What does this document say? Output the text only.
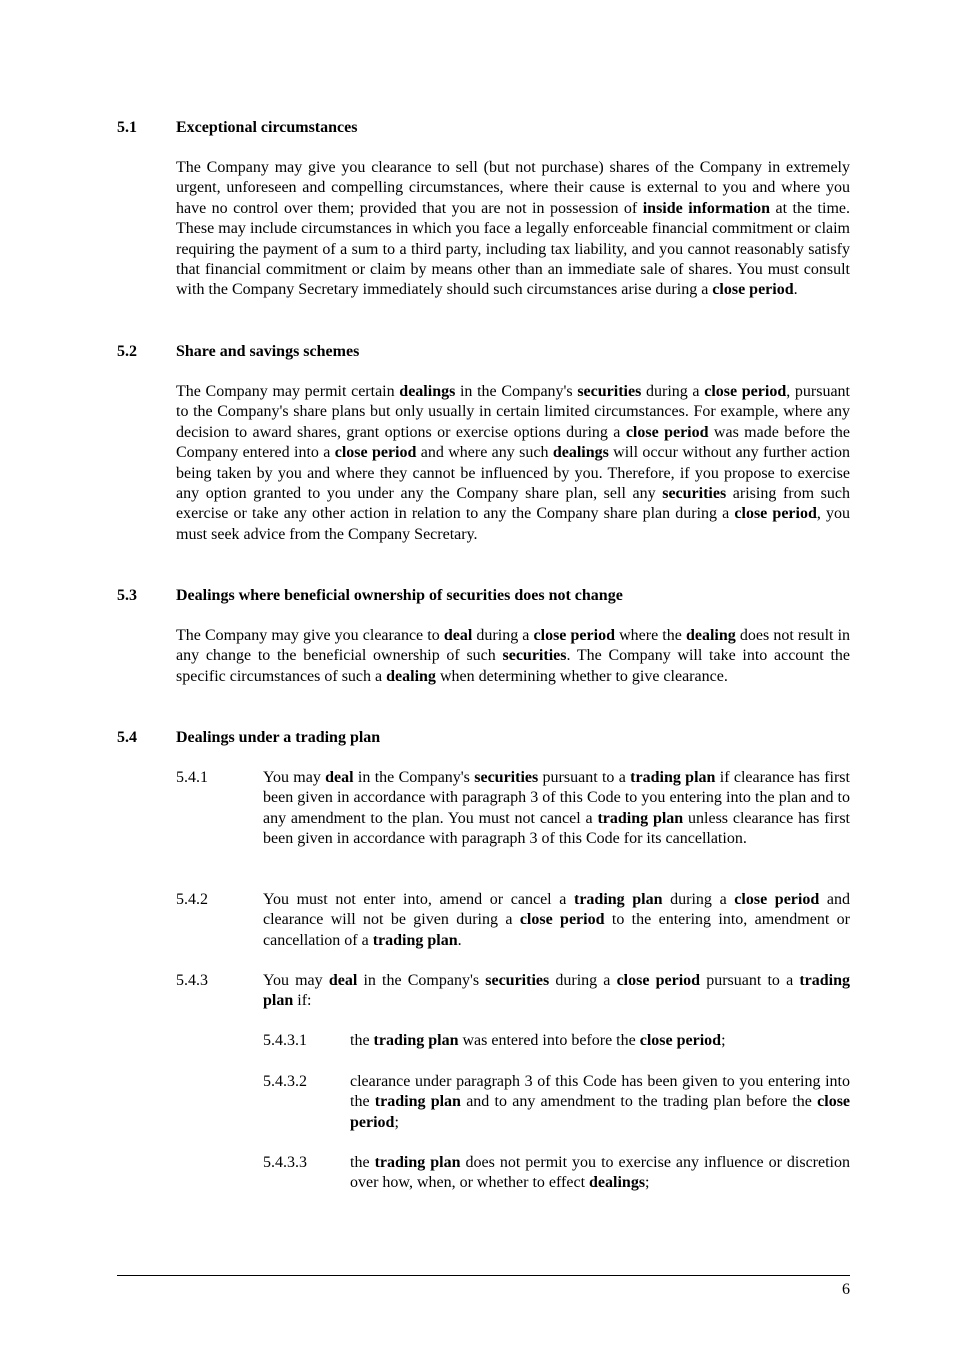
5.1 Exceptional circumstances

The Company may give you clearance to sell (but not purchase) shares of the Company in extremely urgent, unforeseen and compelling circumstances, where their cause is external to you and where you have no control over them; provided that you are not in possession of inside information at the time. These may include circumstances in which you face a legally enforceable financial commitment or claim requiring the payment of a sum to a third party, including tax liability, and you cannot reasonably satisfy that financial commitment or claim by means other than an immediate sale of shares. You must consult with the Company Secretary immediately should such circumstances arise during a close period.

5.2 Share and savings schemes

The Company may permit certain dealings in the Company's securities during a close period, pursuant to the Company's share plans but only usually in certain limited circumstances. For example, where any decision to award shares, grant options or exercise options during a close period was made before the Company entered into a close period and where any such dealings will occur without any further action being taken by you and where they cannot be influenced by you. Therefore, if you propose to exercise any option granted to you under any the Company share plan, sell any securities arising from such exercise or take any other action in relation to any the Company share plan during a close period, you must seek advice from the Company Secretary.

5.3 Dealings where beneficial ownership of securities does not change

The Company may give you clearance to deal during a close period where the dealing does not result in any change to the beneficial ownership of such securities. The Company will take into account the specific circumstances of such a dealing when determining whether to give clearance.

5.4 Dealings under a trading plan
5.4.1	You may deal in the Company's securities pursuant to a trading plan if clearance has first been given in accordance with paragraph 3 of this Code to you entering into the plan and to any amendment to the plan. You must not cancel a trading plan unless clearance has first been given in accordance with paragraph 3 of this Code for its cancellation.
5.4.2	You must not enter into, amend or cancel a trading plan during a close period and clearance will not be given during a close period to the entering into, amendment or cancellation of a trading plan.
5.4.3	You may deal in the Company's securities during a close period pursuant to a trading plan if:
5.4.3.1	the trading plan was entered into before the close period;
5.4.3.2	clearance under paragraph 3 of this Code has been given to you entering into the trading plan and to any amendment to the trading plan before the close period;
5.4.3.3	the trading plan does not permit you to exercise any influence or discretion over how, when, or whether to effect dealings;
6
